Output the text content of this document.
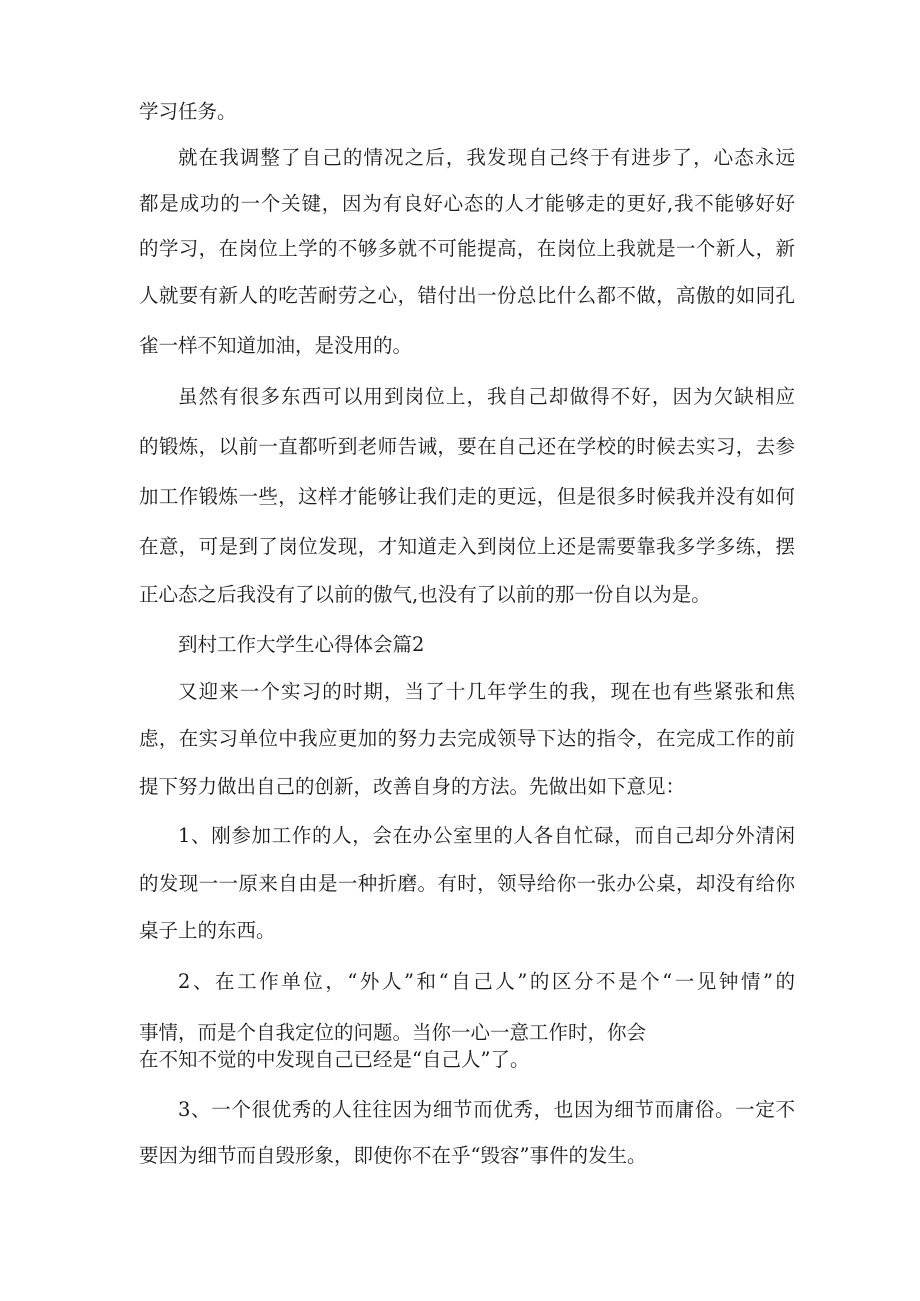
学习任务。

就在我调整了自己的情况之后，我发现自己终于有进步了，心态永远

都是成功的一个关键，因为有良好心态的人才能够走的更好,我不能够好好

的学习，在岗位上学的不够多就不可能提高，在岗位上我就是一个新人，新

人就要有新人的吃苦耐劳之心，错付出一份总比什么都不做，高傲的如同孔

雀一样不知道加油，是没用的。

虽然有很多东西可以用到岗位上，我自己却做得不好，因为欠缺相应

的锻炼，以前一直都听到老师告诫，要在自己还在学校的时候去实习，去参

加工作锻炼一些，这样才能够让我们走的更远，但是很多时候我并没有如何

在意，可是到了岗位发现，才知道走入到岗位上还是需要靠我多学多练，摆

正心态之后我没有了以前的傲气,也没有了以前的那一份自以为是。

到村工作大学生心得体会篇2

又迎来一个实习的时期，当了十几年学生的我，现在也有些紧张和焦

虑，在实习单位中我应更加的努力去完成领导下达的指令，在完成工作的前

提下努力做出自己的创新，改善自身的方法。先做出如下意见：

1、刚参加工作的人，会在办公室里的人各自忙碌，而自己却分外清闲

的发现一一原来自由是一种折磨。有时，领导给你一张办公桌，却没有给你

桌子上的东西。

2、在工作单位，“外人”和“自己人”的区分不是个“一见钟情”的

事情，而是个自我定位的问题。当你一心一意工作时，你会

在不知不觉的中发现自己已经是“自己人”了。

3、一个很优秀的人往往因为细节而优秀，也因为细节而庸俗。一定不

要因为细节而自毁形象，即使你不在乎“毁容”事件的发生。
